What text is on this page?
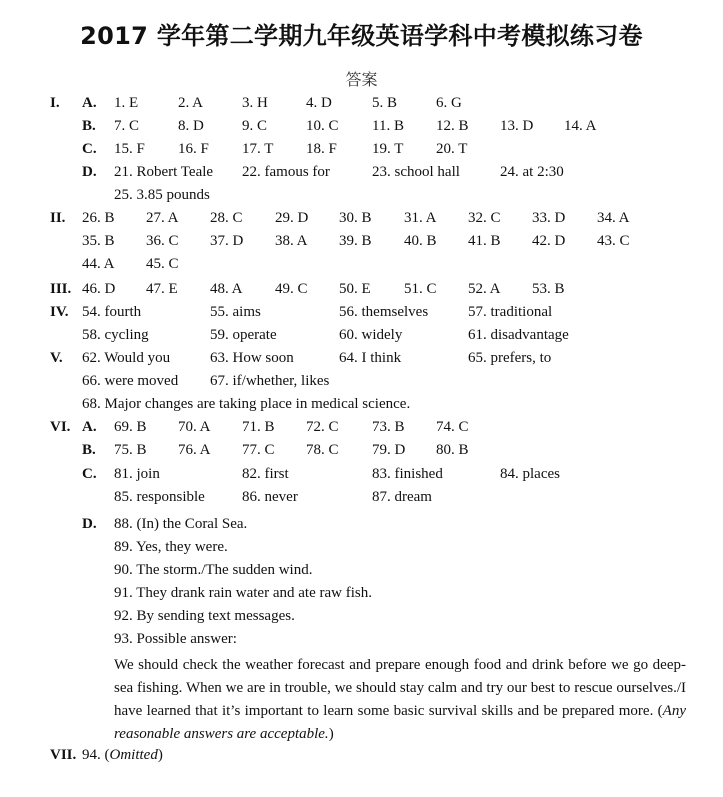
2017 学年第二学期九年级英语学科中考模拟练习卷
答案
I. A. 1. E	2. A	3. H	4. D	5. B	6. G
B. 7. C	8. D	9. C	10. C 11. B 12. B 13. D 14. A
C. 15. F 16. F 17. T 18. F 19. T 20. T
D. 21. Robert Teale 22. famous for	23. school hall	24. at 2:30
25. 3.85 pounds
II. 26. B 27. A 28. C 29. D 30. B 31. A 32. C 33. D 34. A
35. B 36. C 37. D 38. A 39. B 40. B 41. B 42. D 43. C
44. A 45. C
III. 46. D 47. E 48. A 49. C 50. E 51. C 52. A 53. B
IV. 54. fourth	55. aims	56. themselves	57. traditional
58. cycling	59. operate	60. widely	61. disadvantage
V. 62. Would you	63. How soon	64. I think	65. prefers, to
66. were moved 67. if/whether, likes
68. Major changes are taking place in medical science.
VI. A. 69. B 70. A 71. B 72. C 73. B 74. C
B. 75. B 76. A 77. C 78. C 79. D 80. B
C. 81. join	82. first	83. finished	84. places
85. responsible 86. never	87. dream
D. 88. (In) the Coral Sea.
89. Yes, they were.
90. The storm./The sudden wind.
91. They drank rain water and ate raw fish.
92. By sending text messages.
93. Possible answer:
We should check the weather forecast and prepare enough food and drink before we go deep-sea fishing. When we are in trouble, we should stay calm and try our best to rescue ourselves./I have learned that it’s important to learn some basic survival skills and be prepared more. (Any reasonable answers are acceptable.)
VII. 94. (Omitted)
